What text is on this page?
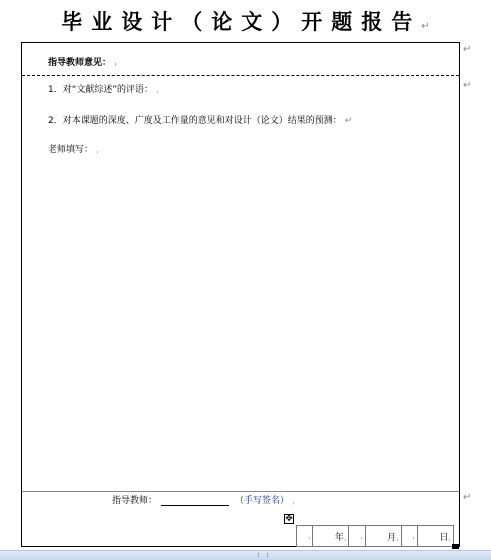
毕业设计（论文）开题报告↵
指导教师意见： ˌ
1．对“文献综述”的评语： ˌ
2．对本课题的深度、广度及工作量的意见和对设计（论文）结果的预测： ↵
老师填写： ˌ
指导教师：	（手写签名） ˌ
↵
↵
↵
✥
ˌ	年ˌ	ˌ	月ˌ	ˌ	日ˌ
